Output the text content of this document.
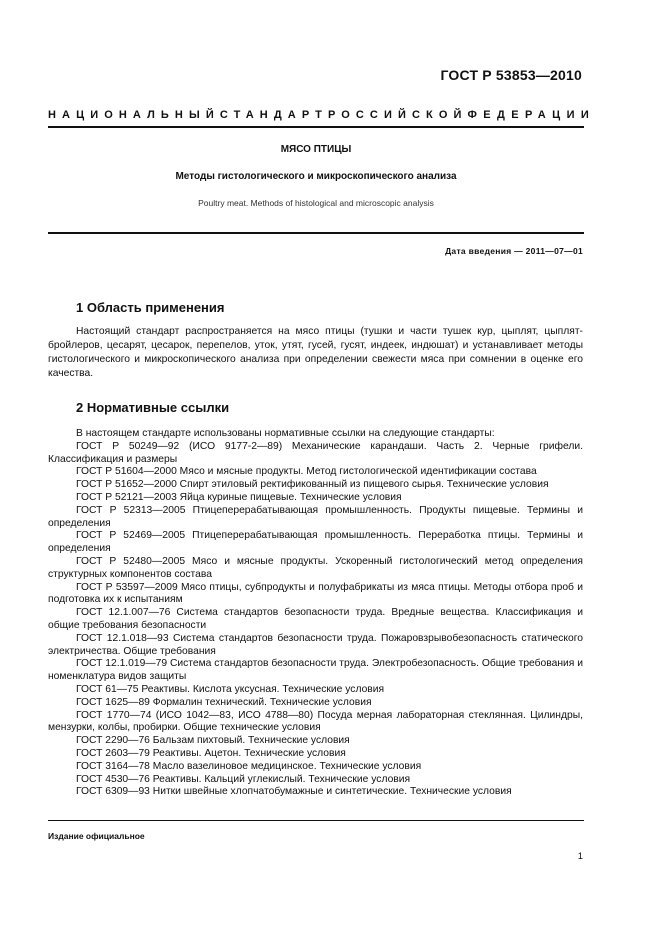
ГОСТ Р 53853—2010
НАЦИОНАЛЬНЫЙ СТАНДАРТ РОССИЙСКОЙ ФЕДЕРАЦИИ
МЯСО ПТИЦЫ
Методы гистологического и микроскопического анализа
Poultry meat. Methods of histological and microscopic analysis
Дата введения — 2011—07—01
1 Область применения

Настоящий стандарт распространяется на мясо птицы (тушки и части тушек кур, цыплят, цыплят-бройлеров, цесарят, цесарок, перепелов, уток, утят, гусей, гусят, индеек, индюшат) и устанавливает методы гистологического и микроскопического анализа при определении свежести мяса при сомнении в оценке его качества.

2 Нормативные ссылки
В настоящем стандарте использованы нормативные ссылки на следующие стандарты:
ГОСТ Р 50249—92 (ИСО 9177-2—89) Механические карандаши. Часть 2. Черные грифели. Классификация и размеры
ГОСТ Р 51604—2000 Мясо и мясные продукты. Метод гистологической идентификации состава
ГОСТ Р 51652—2000 Спирт этиловый ректификованный из пищевого сырья. Технические условия
ГОСТ Р 52121—2003 Яйца куриные пищевые. Технические условия
ГОСТ Р 52313—2005 Птицеперерабатывающая промышленность. Продукты пищевые. Термины и определения
ГОСТ Р 52469—2005 Птицеперерабатывающая промышленность. Переработка птицы. Термины и определения
ГОСТ Р 52480—2005 Мясо и мясные продукты. Ускоренный гистологический метод определения структурных компонентов состава
ГОСТ Р 53597—2009 Мясо птицы, субпродукты и полуфабрикаты из мяса птицы. Методы отбора проб и подготовка их к испытаниям
ГОСТ 12.1.007—76 Система стандартов безопасности труда. Вредные вещества. Классификация и общие требования безопасности
ГОСТ 12.1.018—93 Система стандартов безопасности труда. Пожаровзрывобезопасность статического электричества. Общие требования
ГОСТ 12.1.019—79 Система стандартов безопасности труда. Электробезопасность. Общие требования и номенклатура видов защиты
ГОСТ 61—75 Реактивы. Кислота уксусная. Технические условия
ГОСТ 1625—89 Формалин технический. Технические условия
ГОСТ 1770—74 (ИСО 1042—83, ИСО 4788—80) Посуда мерная лабораторная стеклянная. Цилиндры, мензурки, колбы, пробирки. Общие технические условия
ГОСТ 2290—76 Бальзам пихтовый. Технические условия
ГОСТ 2603—79 Реактивы. Ацетон. Технические условия
ГОСТ 3164—78 Масло вазелиновое медицинское. Технические условия
ГОСТ 4530—76 Реактивы. Кальций углекислый. Технические условия
ГОСТ 6309—93 Нитки швейные хлопчатобумажные и синтетические. Технические условия
Издание официальное
1
